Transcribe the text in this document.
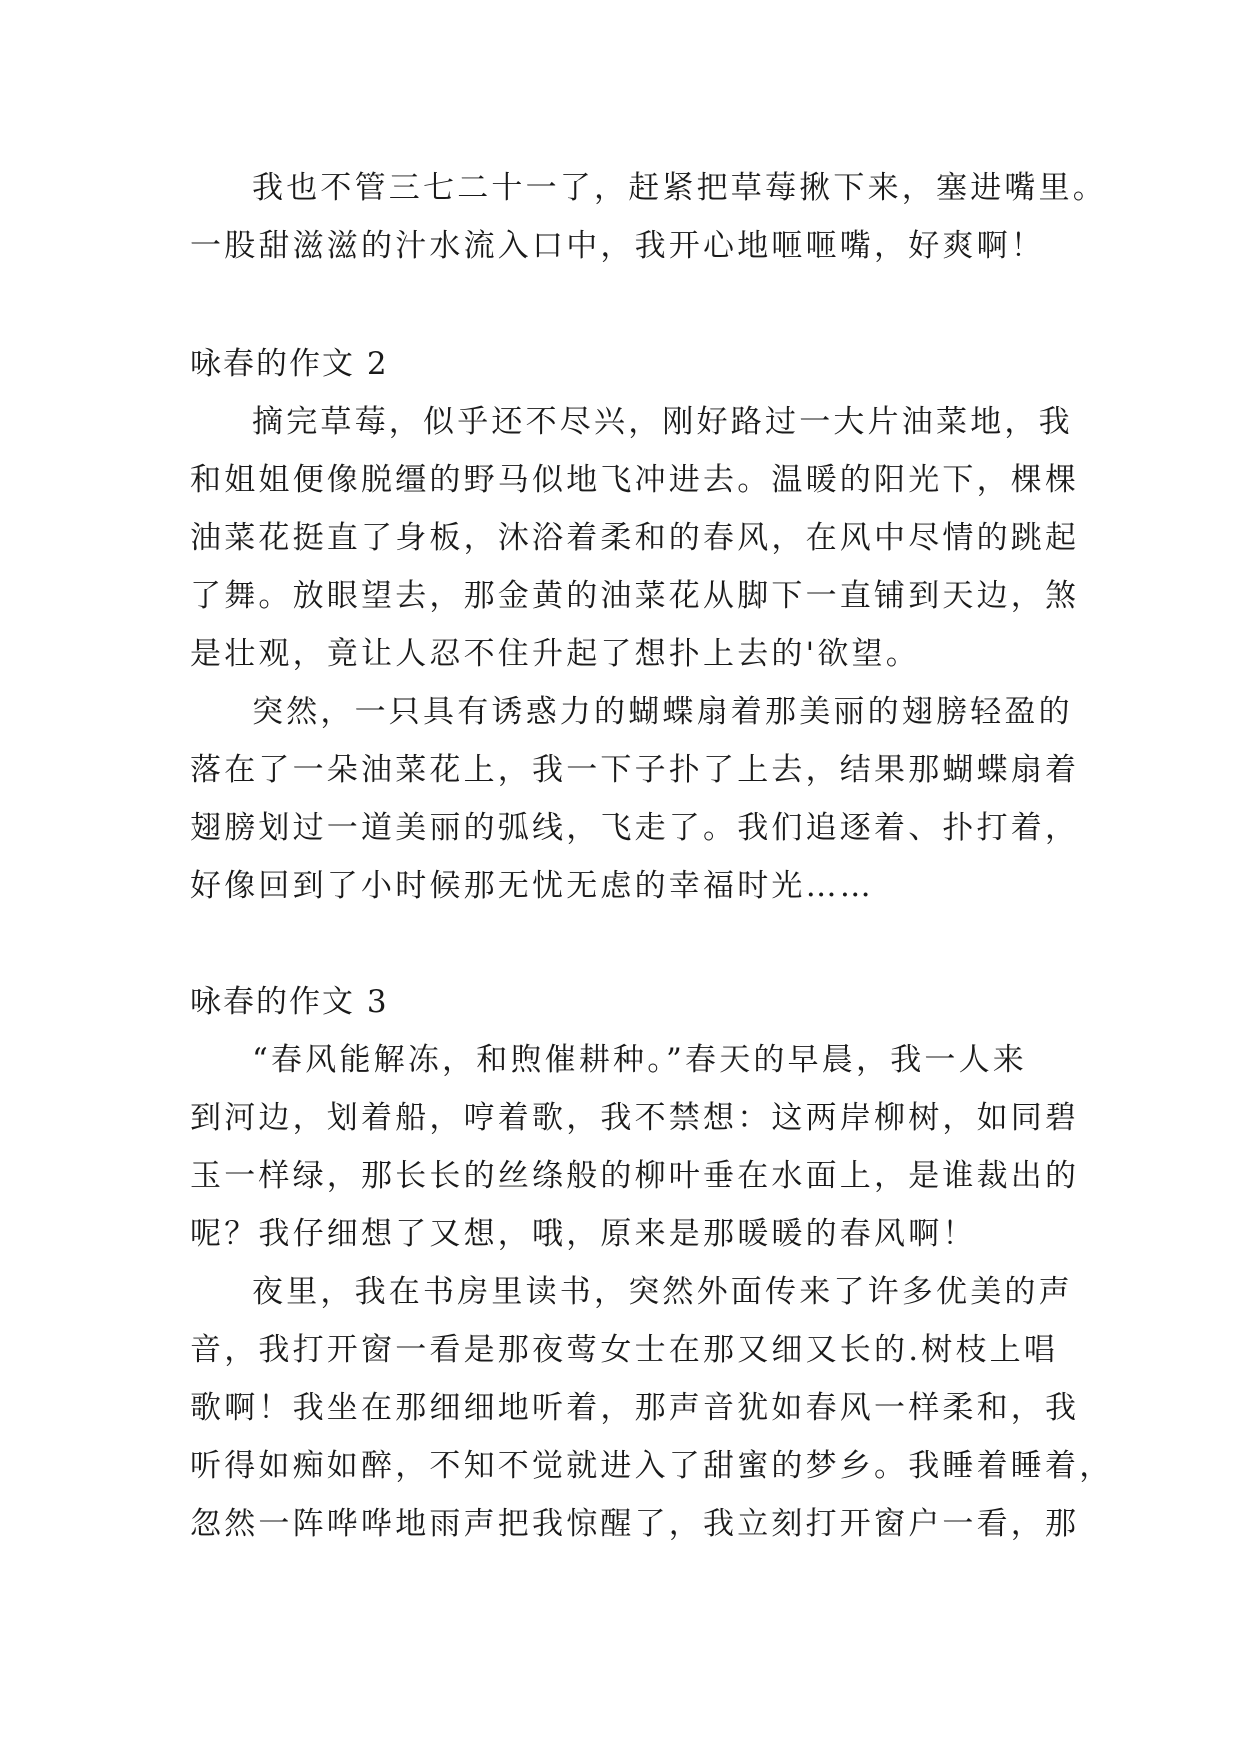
我也不管三七二十一了，赶紧把草莓揪下来，塞进嘴里。
一股甜滋滋的汁水流入口中，我开心地咂咂嘴，好爽啊！
咏春的作文 2
摘完草莓，似乎还不尽兴，刚好路过一大片油菜地，我
和姐姐便像脱缰的野马似地飞冲进去。温暖的阳光下，棵棵
油菜花挺直了身板，沐浴着柔和的春风，在风中尽情的跳起
了舞。放眼望去，那金黄的油菜花从脚下一直铺到天边，煞
是壮观，竟让人忍不住升起了想扑上去的'欲望。
突然，一只具有诱惑力的蝴蝶扇着那美丽的翅膀轻盈的
落在了一朵油菜花上，我一下子扑了上去，结果那蝴蝶扇着
翅膀划过一道美丽的弧线，飞走了。我们追逐着、扑打着，
好像回到了小时候那无忧无虑的幸福时光……
咏春的作文 3
“春风能解冻，和煦催耕种。”春天的早晨，我一人来
到河边，划着船，哼着歌，我不禁想：这两岸柳树，如同碧
玉一样绿，那长长的丝绦般的柳叶垂在水面上，是谁裁出的
呢？我仔细想了又想，哦，原来是那暖暖的春风啊！
夜里，我在书房里读书，突然外面传来了许多优美的声
音，我打开窗一看是那夜莺女士在那又细又长的.树枝上唱
歌啊！我坐在那细细地听着，那声音犹如春风一样柔和，我
听得如痴如醉，不知不觉就进入了甜蜜的梦乡。我睡着睡着，
忽然一阵哗哗地雨声把我惊醒了，我立刻打开窗户一看，那
